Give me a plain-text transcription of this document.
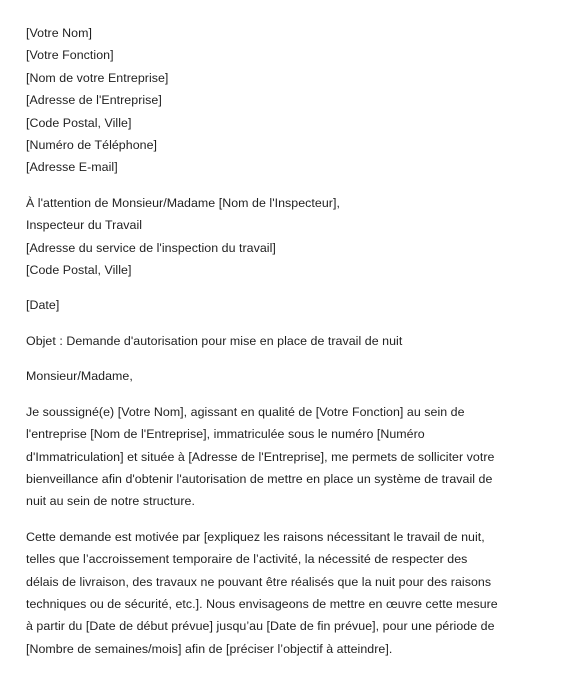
[Votre Nom]
[Votre Fonction]
[Nom de votre Entreprise]
[Adresse de l'Entreprise]
[Code Postal, Ville]
[Numéro de Téléphone]
[Adresse E-mail]
À l'attention de Monsieur/Madame [Nom de l'Inspecteur],
Inspecteur du Travail
[Adresse du service de l'inspection du travail]
[Code Postal, Ville]
[Date]
Objet : Demande d'autorisation pour mise en place de travail de nuit
Monsieur/Madame,
Je soussigné(e) [Votre Nom], agissant en qualité de [Votre Fonction] au sein de
l'entreprise [Nom de l'Entreprise], immatriculée sous le numéro [Numéro
d'Immatriculation] et située à [Adresse de l'Entreprise], me permets de solliciter votre
bienveillance afin d'obtenir l'autorisation de mettre en place un système de travail de
nuit au sein de notre structure.
Cette demande est motivée par [expliquez les raisons nécessitant le travail de nuit,
telles que l’accroissement temporaire de l’activité, la nécessité de respecter des
délais de livraison, des travaux ne pouvant être réalisés que la nuit pour des raisons
techniques ou de sécurité, etc.]. Nous envisageons de mettre en œuvre cette mesure
à partir du [Date de début prévue] jusqu’au [Date de fin prévue], pour une période de
[Nombre de semaines/mois] afin de [préciser l’objectif à atteindre].
